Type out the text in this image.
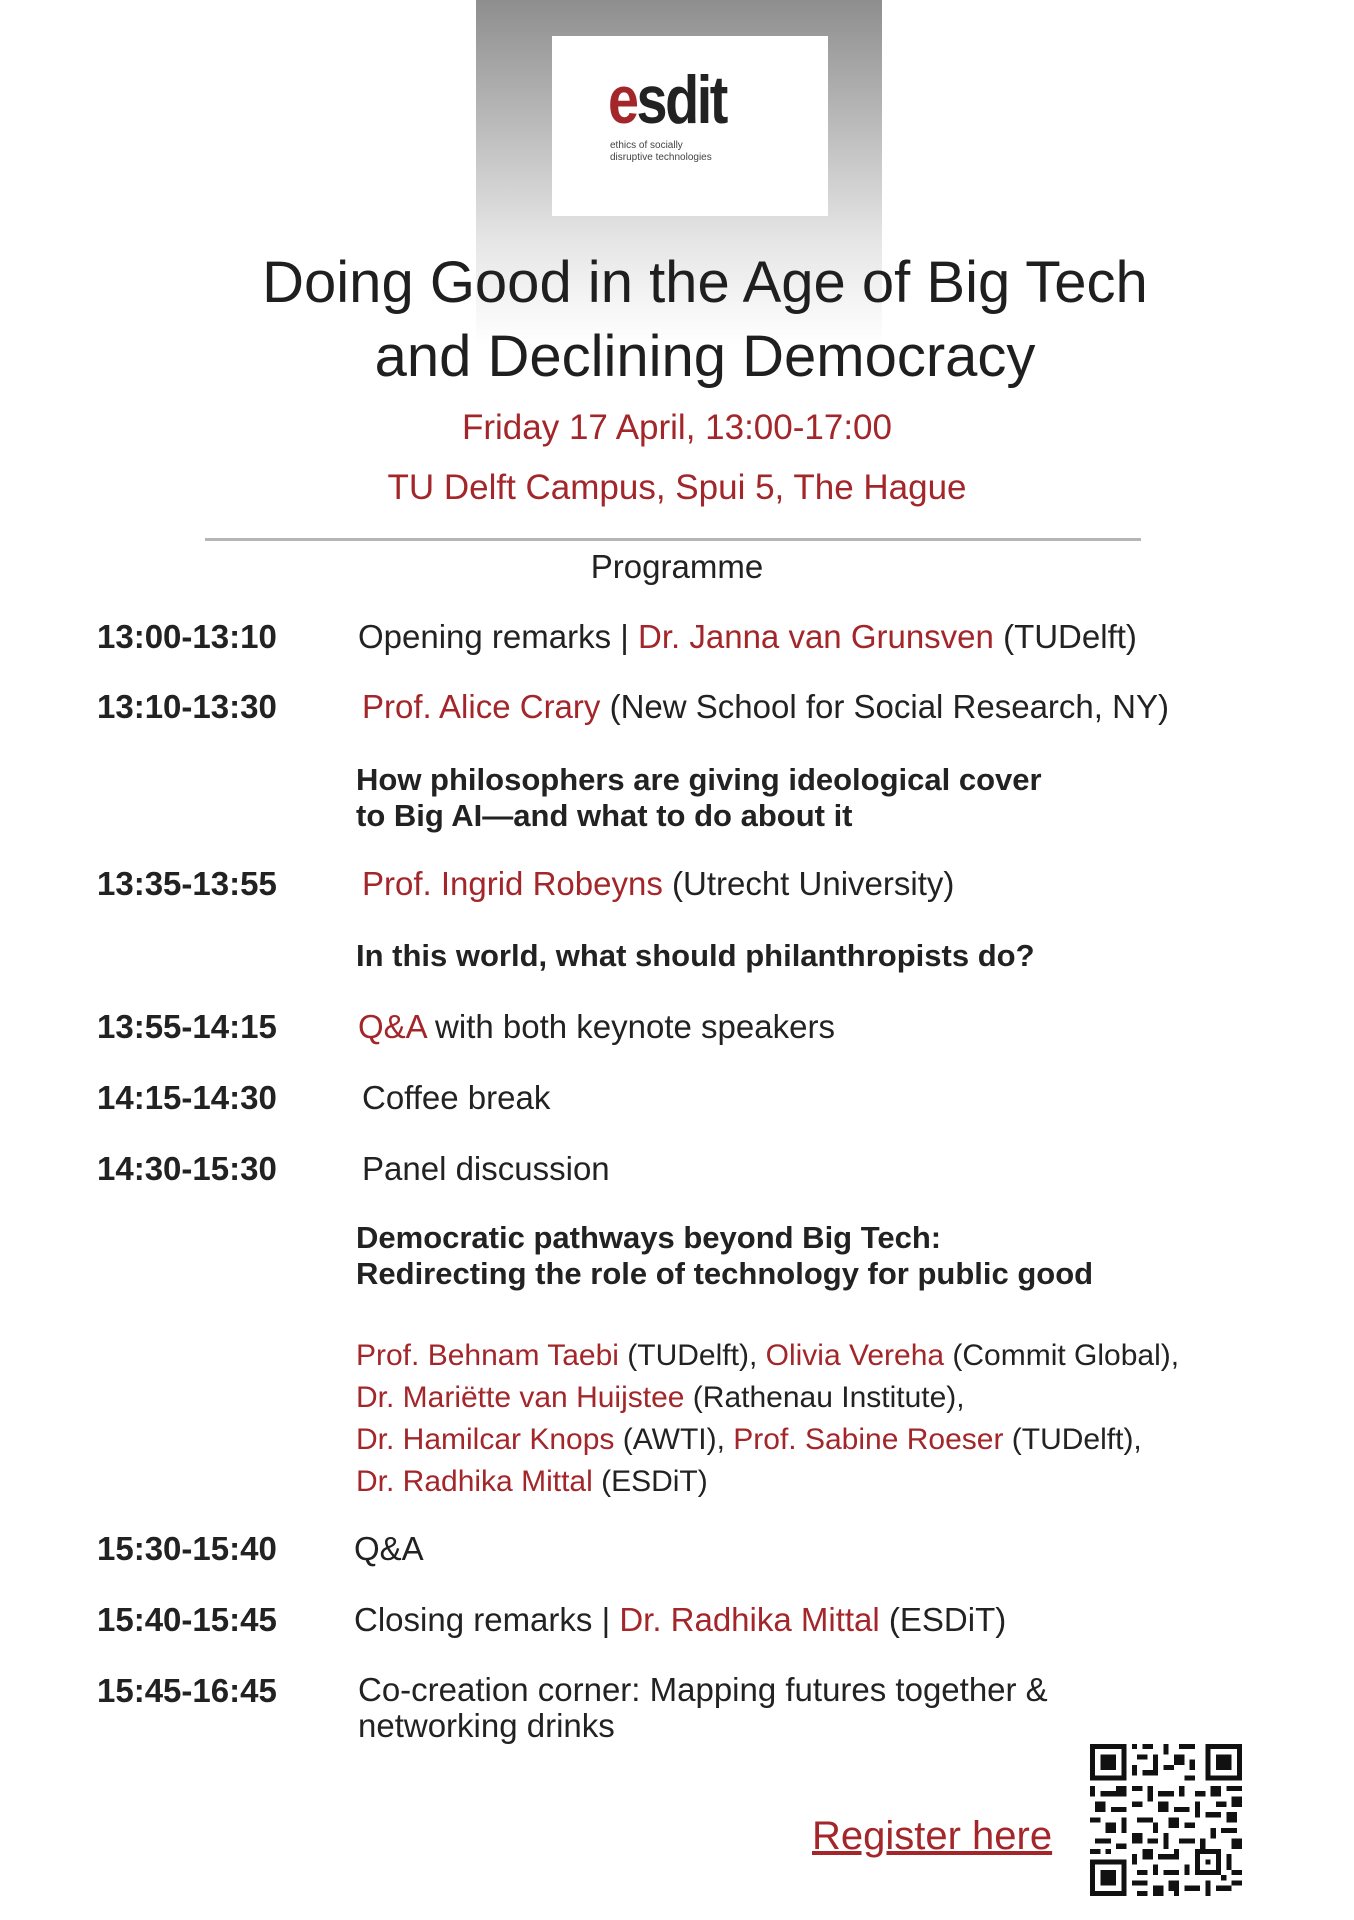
esdit
ethics of socially
disruptive technologies
Doing Good in the Age of Big Tech
and Declining Democracy
Friday 17 April, 13:00-17:00
TU Delft Campus, Spui 5, The Hague
Programme
13:00-13:10 Opening remarks | Dr. Janna van Grunsven (TUDelft)
13:10-13:30	Prof. Alice Crary (New School for Social Research, NY)
How philosophers are giving ideological cover
to Big AI—and what to do about it
13:35-13:55	Prof. Ingrid Robeyns (Utrecht University)
In this world, what should philanthropists do?
13:55-14:15 Q&A with both keynote speakers
14:15-14:30	Coffee break
14:30-15:30	Panel discussion
Democratic pathways beyond Big Tech:
Redirecting the role of technology for public good
Prof. Behnam Taebi (TUDelft), Olivia Vereha (Commit Global),
Dr. Mariëtte van Huijstee (Rathenau Institute),
Dr. Hamilcar Knops (AWTI), Prof. Sabine Roeser (TUDelft),
Dr. Radhika Mittal (ESDiT)
15:30-15:40 Q&A
15:40-15:45 Closing remarks | Dr. Radhika Mittal (ESDiT)
15:45-16:45 Co-creation corner: Mapping futures together &
networking drinks
Register here
